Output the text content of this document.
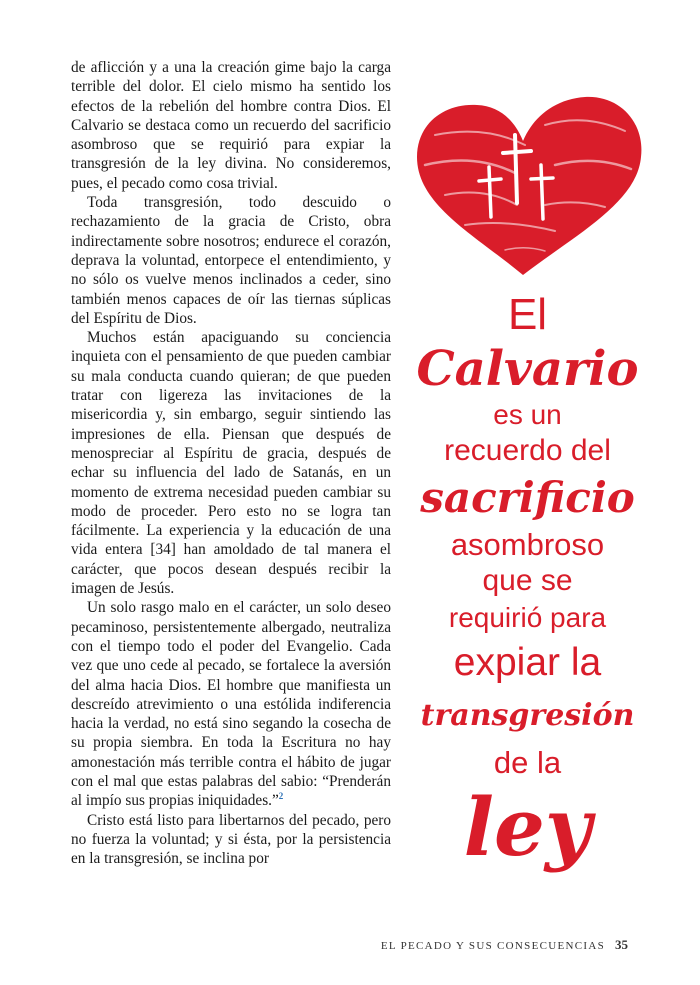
de aflicción y a una la creación gime bajo la carga terrible del dolor. El cielo mismo ha sentido los efectos de la rebelión del hombre contra Dios. El Calvario se destaca como un recuerdo del sacrificio asombroso que se requirió para expiar la transgresión de la ley divina. No consideremos, pues, el pecado como cosa trivial.

Toda transgresión, todo descuido o rechazamiento de la gracia de Cristo, obra indirectamente sobre nosotros; endurece el corazón, deprava la voluntad, entorpece el entendimiento, y no sólo os vuelve menos inclinados a ceder, sino también menos capaces de oír las tiernas súplicas del Espíritu de Dios.

Muchos están apaciguando su conciencia inquieta con el pensamiento de que pueden cambiar su mala conducta cuando quieran; de que pueden tratar con ligereza las invitaciones de la misericordia y, sin embargo, seguir sintiendo las impresiones de ella. Piensan que después de menospreciar al Espíritu de gracia, después de echar su influencia del lado de Satanás, en un momento de extrema necesidad pueden cambiar su modo de proceder. Pero esto no se logra tan fácilmente. La experiencia y la educación de una vida entera [34] han amoldado de tal manera el carácter, que pocos desean después recibir la imagen de Jesús.

Un solo rasgo malo en el carácter, un solo deseo pecaminoso, persistentemente albergado, neutraliza con el tiempo todo el poder del Evangelio. Cada vez que uno cede al pecado, se fortalece la aversión del alma hacia Dios. El hombre que manifiesta un descreído atrevimiento o una estólida indiferencia hacia la verdad, no está sino segando la cosecha de su propia siembra. En toda la Escritura no hay amonestación más terrible contra el hábito de jugar con el mal que estas palabras del sabio: “Prenderán al impío sus propias iniquidades.”$^2$

Cristo está listo para libertarnos del pecado, pero no fuerza la voluntad; y si ésta, por la persistencia en la transgresión, se inclina por

El
Calvario
es un
recuerdo del
sacrificio
asombroso
que se
requirió para
expiar la
transgresión
de la
ley
EL PECADO Y SUS CONSECUENCIAS 35
